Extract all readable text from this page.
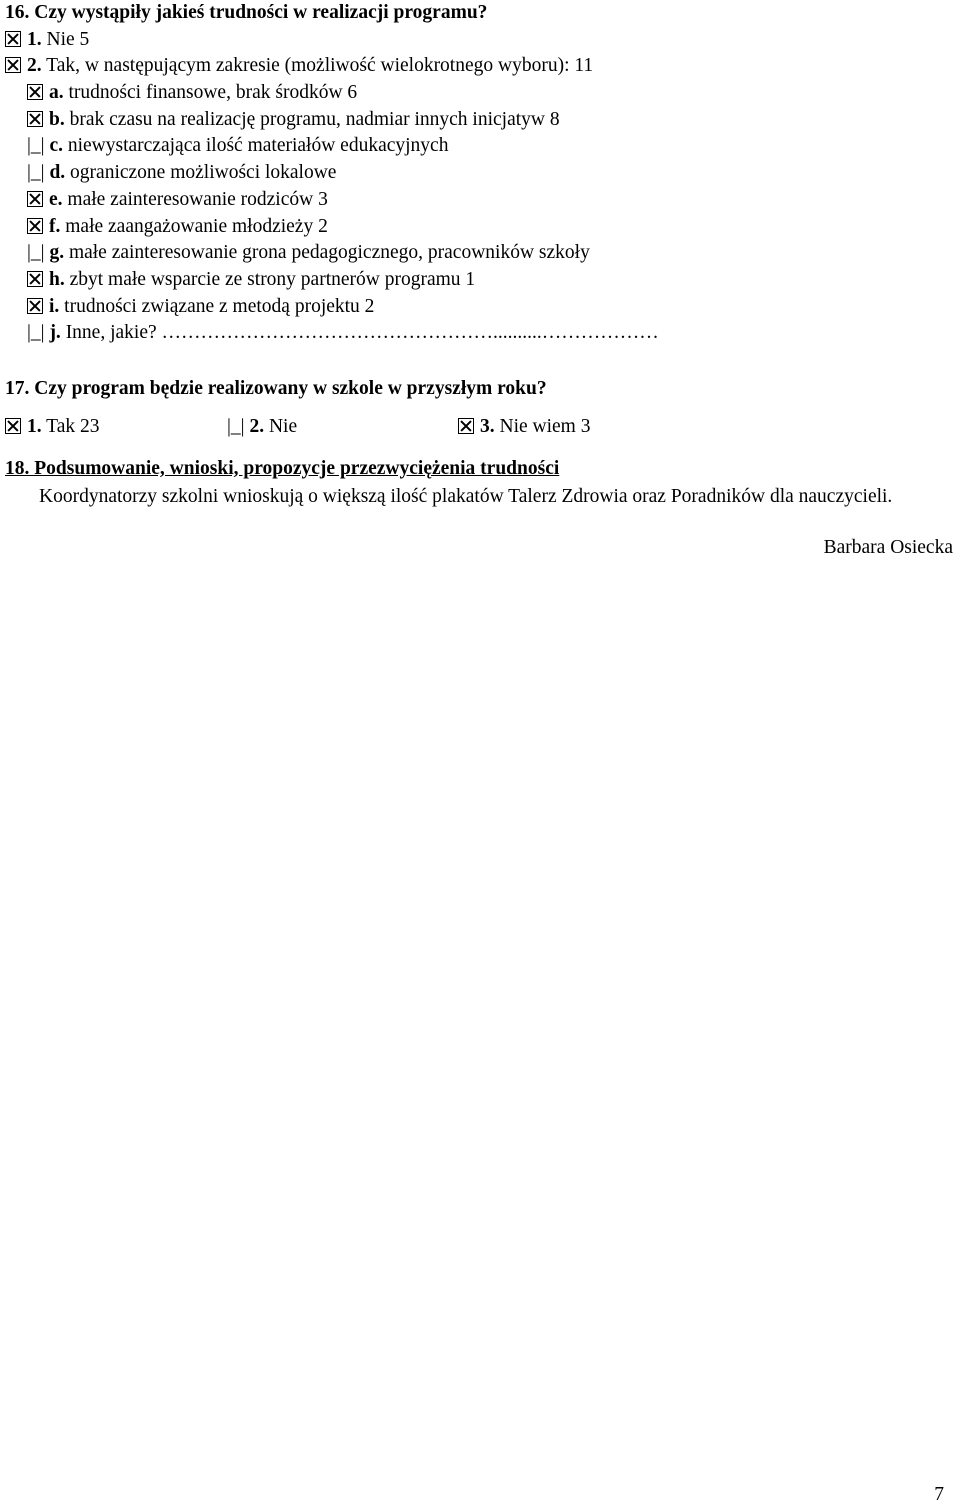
16. Czy wystąpiły jakieś trudności w realizacji programu?
1. Nie 5
2. Tak, w następującym zakresie (możliwość wielokrotnego wyboru): 11
a. trudności finansowe, brak środków 6
b. brak czasu na realizację programu, nadmiar innych inicjatyw 8
|_| c. niewystarczająca ilość materiałów edukacyjnych
|_| d. ograniczone możliwości lokalowe
e. małe zainteresowanie rodziców 3
f. małe zaangażowanie młodzieży 2
|_| g. małe zainteresowanie grona pedagogicznego, pracowników szkoły
h. zbyt małe wsparcie ze strony partnerów programu 1
i. trudności związane z metodą projektu 2
|_| j. Inne, jakie? ……………………………………………..........………………
17. Czy program będzie realizowany w szkole w przyszłym roku?
1. Tak 23	|_| 2. Nie	3. Nie wiem 3
18. Podsumowanie, wnioski, propozycje przezwyciężenia trudności
Koordynatorzy szkolni wnioskują o większą ilość plakatów Talerz Zdrowia oraz Poradników dla nauczycieli.
Barbara Osiecka
7
